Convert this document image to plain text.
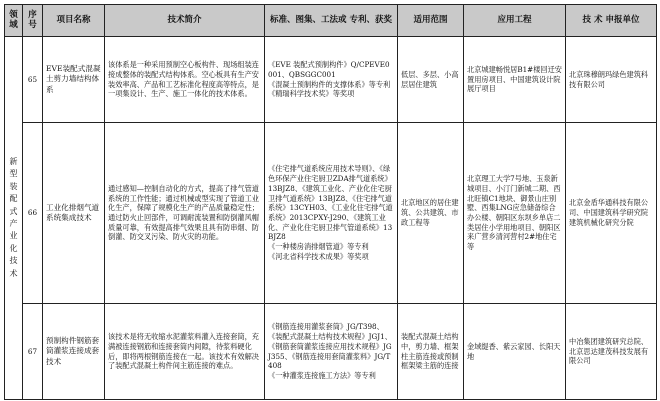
领 域	序 号	项目名称	技术简介	标准、图集、工法或 专利、获奖	适用范围	应用工程	技 术 申报单位
新型装配式产业化技术	65	EVE装配式混凝土剪力墙结构体系	该体系是一种采用预制空心板构件、现场组装连接成整体的装配式结构体系。空心板具有生产安装效率高、产品和工艺标准化程度高等特点，是一项集设计、生产、施工一体化的技术体系。	《EVE 装配式预制构件》Q/CPEVE0001、QBSGGC001
《混凝土预制构件的支撑体系》等专利
《精瑞科学技术奖》等奖项	低层、多层、小高层居住建筑	北京城建畅悦居B1#楼回迁安置用房项目、中国建筑设计院展厅项目	北京珠穆朗玛绿色建筑科技有限公司
	66	工业化排烟气道系统集成技术	通过感知—控制自动化的方式，提高了排气管道系统的工作性能；通过机械或型实现了管道工业化生产，保障了规模化生产的产品质量稳定性；通过防火止回部件，可调耐流装置和防倒灌风帽质量可靠，有效提高排气效果且具有防串烟、防倒灌、防交叉污染、防火灾的功能。	《住宅排气道系统应用技术导则》、《绿色环保产业住宅厨卫ZDA排气道系统》13BJZ8、《建筑工业化、产业化住宅厨卫排气道系统》13BJZ8、《住宅排气道系统》13CYH03、《工业化住宅排气道系统》2013CPXY-J290、《建筑工业化、产业化住宅厨卫排气管道系统》13BJZ8
《一种楼房消排烟管道》等专利
《河北省科学技术成果》等奖项	北京地区的居住建筑、公共建筑、市政工程等	北京理工大学7号地、玉泉新城项目、小汀门新城二期、西北旺镇C1地块、御景山庄别墅、西集LNG应急储备综合办公楼、朝阳区东坝乡单店二类居住小学用地项目、朝阳区来广营乡清河营村2#地住宅等	北京金盾华通科技有限公司、中国建筑科学研究院建筑机械化研究分院
	67	预制构件钢筋套筒灌浆连接成套技术	该技术是将无收缩水泥灌浆料灌入连接套筒，充满被连接钢筋和连接套筒内间隙，待浆料硬化后，即将两根钢筋连接在一起。该技术有效解决了装配式混凝土构件间主筋连接的难点。	《钢筋连接用灌浆套筒》JG/T398、《装配式混凝土结构技术规程》JGJ1、《钢筋套筒灌浆连接应用技术规程》JGJ355、《钢筋连接用套筒灌浆料》JG/T408
《一种灌浆连接施工方法》等专利	装配式混凝土结构中，剪力墙、框架柱主筋连接或预制框架梁主筋的连接	金域缇香、紫云家园、长阳天地	中冶集团建筑研究总院、北京思达建茂科技发展有限公司
